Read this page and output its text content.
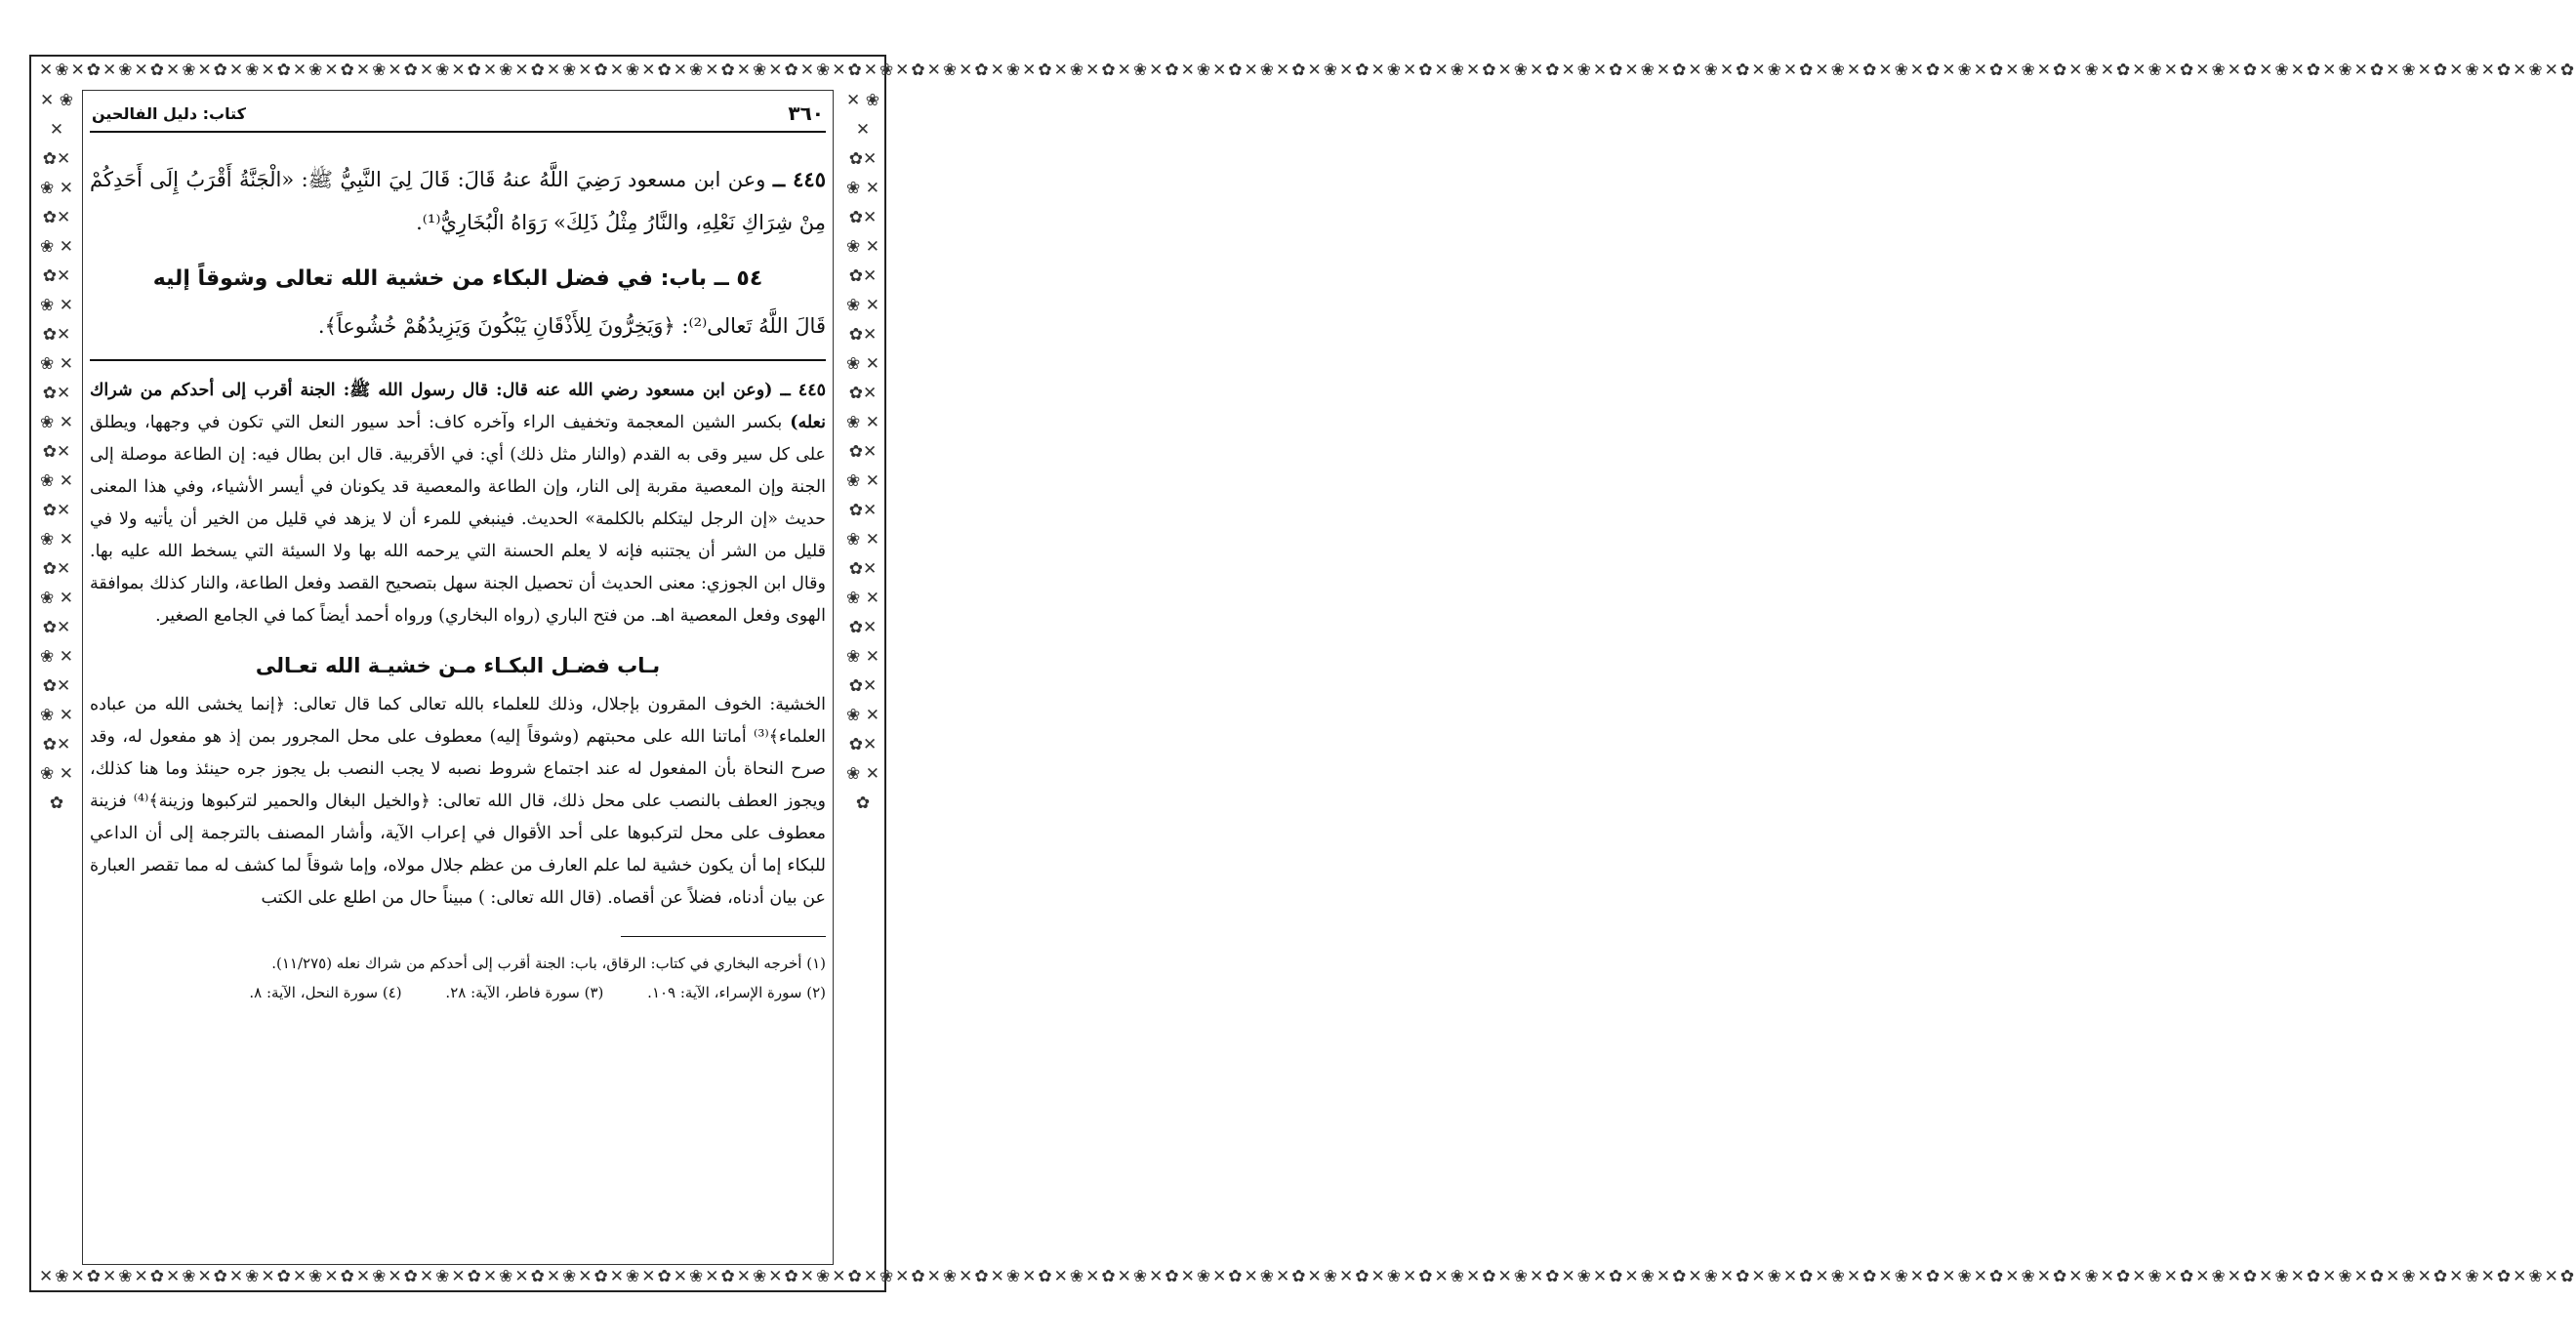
✕❀✕✿✕❀✕✿✕❀✕✿✕❀✕✿✕❀✕✿✕❀✕✿✕❀✕✿✕❀✕✿✕❀✕✿✕❀✕✿✕❀✕✿✕❀✕✿✕❀✕✿✕❀✕✿✕❀✕✿✕❀✕✿✕❀✕✿✕❀✕✿✕❀✕✿✕❀✕✿✕❀✕✿✕❀✕✿✕❀✕✿✕❀✕✿✕❀✕✿✕❀✕✿✕❀✕✿✕❀✕✿✕❀✕✿✕❀✕✿✕❀✕✿✕❀✕✿✕❀✕✿✕❀✕✿✕❀✕✿✕❀✕✿✕❀✕✿✕❀✕✿✕❀✕✿✕❀✕✿
✕❀✕✿✕❀✕✿✕❀✕✿✕❀✕✿✕❀✕✿✕❀✕✿✕❀✕✿✕❀✕✿✕❀✕✿✕❀✕✿✕❀✕✿✕❀✕✿✕❀✕✿✕❀✕✿✕❀✕✿✕❀✕✿✕❀✕✿✕❀✕✿✕❀✕✿✕❀✕✿✕❀✕✿✕❀✕✿✕❀✕✿✕❀✕✿✕❀✕✿✕❀✕✿✕❀✕✿✕❀✕✿✕❀✕✿✕❀✕✿✕❀✕✿✕❀✕✿✕❀✕✿✕❀✕✿✕❀✕✿✕❀✕✿✕❀✕✿✕❀✕✿✕❀✕✿✕❀✕✿
✕ ❀ ✕ ✿✕ ❀ ✕ ✿✕ ❀ ✕ ✿✕ ❀ ✕ ✿✕ ❀ ✕ ✿✕ ❀ ✕ ✿✕ ❀ ✕ ✿✕ ❀ ✕ ✿✕ ❀ ✕ ✿✕ ❀ ✕ ✿✕ ❀ ✕ ✿✕ ❀ ✕ ✿
✕ ❀ ✕ ✿✕ ❀ ✕ ✿✕ ❀ ✕ ✿✕ ❀ ✕ ✿✕ ❀ ✕ ✿✕ ❀ ✕ ✿✕ ❀ ✕ ✿✕ ❀ ✕ ✿✕ ❀ ✕ ✿✕ ❀ ✕ ✿✕ ❀ ✕ ✿✕ ❀ ✕ ✿
٣٦٠
كتاب: دليل الفالحين

٤٤٥ ــ وعن ابن مسعود رَضِيَ اللَّهُ عنهُ قَالَ: قَالَ لِيَ النَّبِيُّ ﷺ: «الْجَنَّةُ أَقْرَبُ إِلَى أَحَدِكُمْ مِنْ شِرَاكِ نَعْلِهِ، والنَّارُ مِثْلُ ذَلِكَ» رَوَاهُ الْبُخَارِيُّ⁽¹⁾.

٥٤ ــ باب: في فضل البكاء من خشية الله تعالى وشوقاً إليه

قَالَ اللَّهُ تَعالى⁽²⁾: ﴿وَيَخِرُّونَ لِلأَذْقَانِ يَبْكُونَ وَيَزِيدُهُمْ خُشُوعاً﴾.

٤٤٥ ــ (وعن ابن مسعود رضي الله عنه قال: قال رسول الله ﷺ: الجنة أقرب إلى أحدكم من شراك نعله) بكسر الشين المعجمة وتخفيف الراء وآخره كاف: أحد سيور النعل التي تكون في وجهها، ويطلق على كل سير وقى به القدم (والنار مثل ذلك) أي: في الأقربية. قال ابن بطال فيه: إن الطاعة موصلة إلى الجنة وإن المعصية مقربة إلى النار، وإن الطاعة والمعصية قد يكونان في أيسر الأشياء، وفي هذا المعنى حديث «إن الرجل ليتكلم بالكلمة» الحديث. فينبغي للمرء أن لا يزهد في قليل من الخير أن يأتيه ولا في قليل من الشر أن يجتنبه فإنه لا يعلم الحسنة التي يرحمه الله بها ولا السيئة التي يسخط الله عليه بها. وقال ابن الجوزي: معنى الحديث أن تحصيل الجنة سهل بتصحيح القصد وفعل الطاعة، والنار كذلك بموافقة الهوى وفعل المعصية اهـ. من فتح الباري (رواه البخاري) ورواه أحمد أيضاً كما في الجامع الصغير.

بـاب فضـل البكـاء مـن خشيـة الله تعـالى

الخشية: الخوف المقرون بإجلال، وذلك للعلماء بالله تعالى كما قال تعالى: ﴿إنما يخشى الله من عباده العلماء﴾⁽³⁾ أماتنا الله على محبتهم (وشوقاً إليه) معطوف على محل المجرور بمن إذ هو مفعول له، وقد صرح النحاة بأن المفعول له عند اجتماع شروط نصبه لا يجب النصب بل يجوز جره حينئذ وما هنا كذلك، ويجوز العطف بالنصب على محل ذلك، قال الله تعالى: ﴿والخيل البغال والحمير لتركبوها وزينة﴾⁽⁴⁾ فزينة معطوف على محل لتركبوها على أحد الأقوال في إعراب الآية، وأشار المصنف بالترجمة إلى أن الداعي للبكاء إما أن يكون خشية لما علم العارف من عظم جلال مولاه، وإما شوقاً لما كشف له مما تقصر العبارة عن بيان أدناه، فضلاً عن أقصاه. (قال الله تعالى: ) مبيناً حال من اطلع على الكتب

(١) أخرجه البخاري في كتاب: الرقاق، باب: الجنة أقرب إلى أحدكم من شراك نعله (١١/٢٧٥).

(٢) سورة الإسراء، الآية: ١٠٩. (٣) سورة فاطر، الآية: ٢٨. (٤) سورة النحل، الآية: ٨.
